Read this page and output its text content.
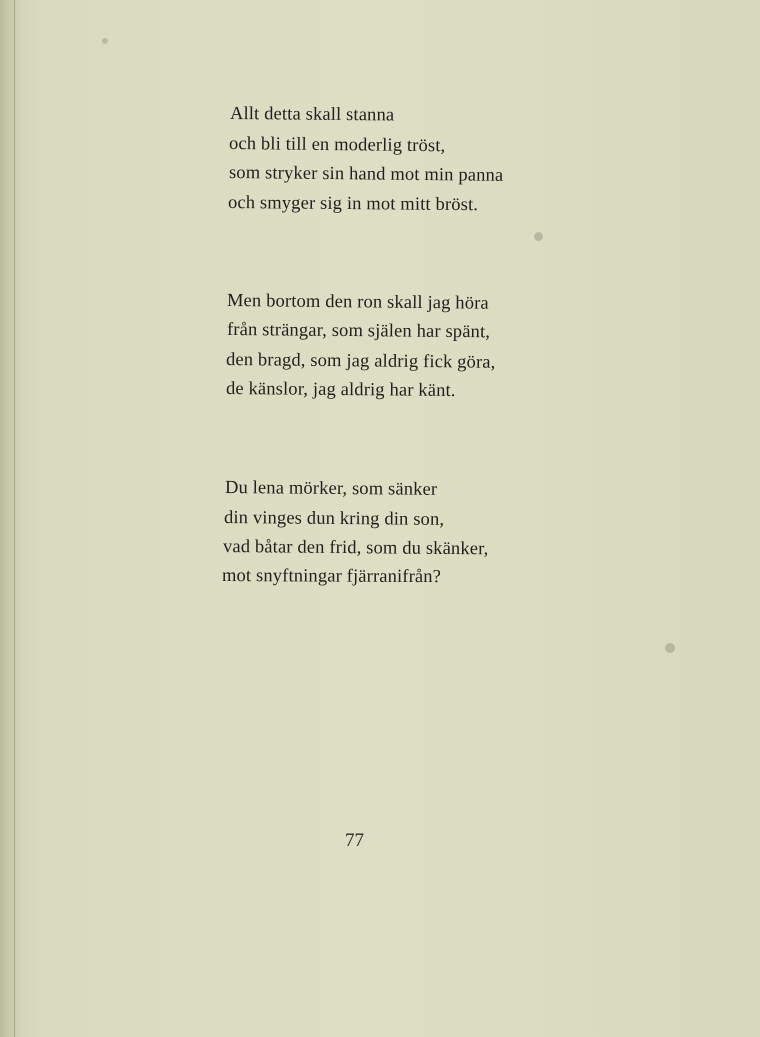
Allt detta skall stanna
och bli till en moderlig tröst,
som stryker sin hand mot min panna
och smyger sig in mot mitt bröst.
Men bortom den ron skall jag höra
från strängar, som själen har spänt,
den bragd, som jag aldrig fick göra,
de känslor, jag aldrig har känt.
Du lena mörker, som sänker
din vinges dun kring din son,
vad båtar den frid, som du skänker,
mot snyftningar fjärranifrån?
77
